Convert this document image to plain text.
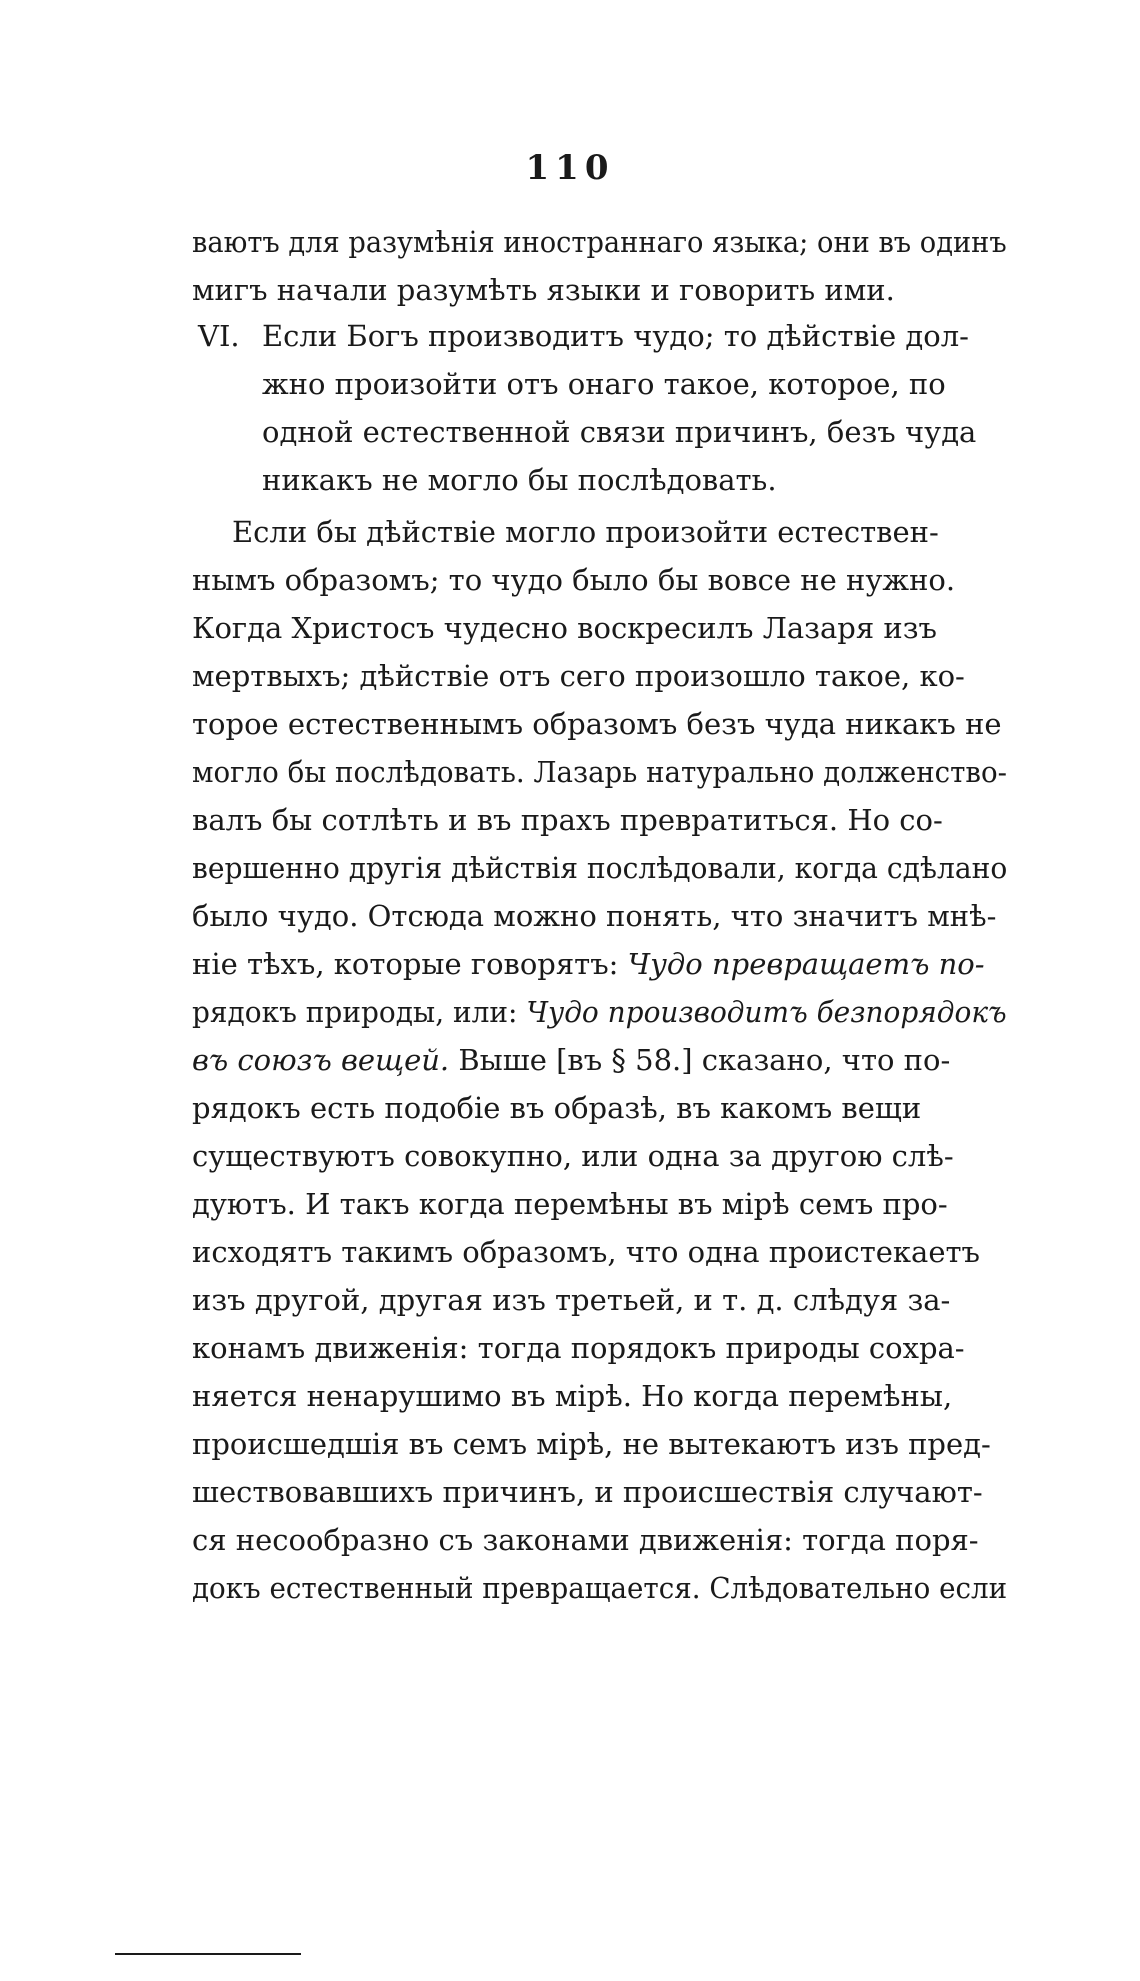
110
ваютъ для разумѣнія иностраннаго языка; они въ одинъ
мигъ начали разумѣть языки и говорить ими.
VI. Если Богъ производитъ чудо; то дѣйствіе дол-
жно произойти отъ онаго такое, которое, по
одной естественной связи причинъ, безъ чуда
никакъ не могло бы послѣдовать.
Если бы дѣйствіе могло произойти естествен-
нымъ образомъ; то чудо было бы вовсе не нужно.
Когда Христосъ чудесно воскресилъ Лазаря изъ
мертвыхъ; дѣйствіе отъ сего произошло такое, ко-
торое естественнымъ образомъ безъ чуда никакъ не
могло бы послѣдовать. Лазарь натурально долженство-
валъ бы сотлѣть и въ прахъ превратиться. Но со-
вершенно другія дѣйствія послѣдовали, когда сдѣлано
было чудо. Отсюда можно понять, что значитъ мнѣ-
ніе тѣхъ, которые говорятъ: Чудо превращаетъ по-
рядокъ природы, или: Чудо производитъ безпорядокъ
въ союзъ вещей. Выше [въ § 58.] сказано, что по-
рядокъ есть подобіе въ образѣ, въ какомъ вещи
существуютъ совокупно, или одна за другою слѣ-
дуютъ. И такъ когда перемѣны въ мірѣ семъ про-
исходятъ такимъ образомъ, что одна проистекаетъ
изъ другой, другая изъ третьей, и т. д. слѣдуя за-
конамъ движенія: тогда порядокъ природы сохра-
няется ненарушимо въ мірѣ. Но когда перемѣны,
происшедшія въ семъ мірѣ, не вытекаютъ изъ пред-
шествовавшихъ причинъ, и происшествія случают-
ся несообразно съ законами движенія: тогда поря-
докъ естественный превращается. Слѣдовательно если
